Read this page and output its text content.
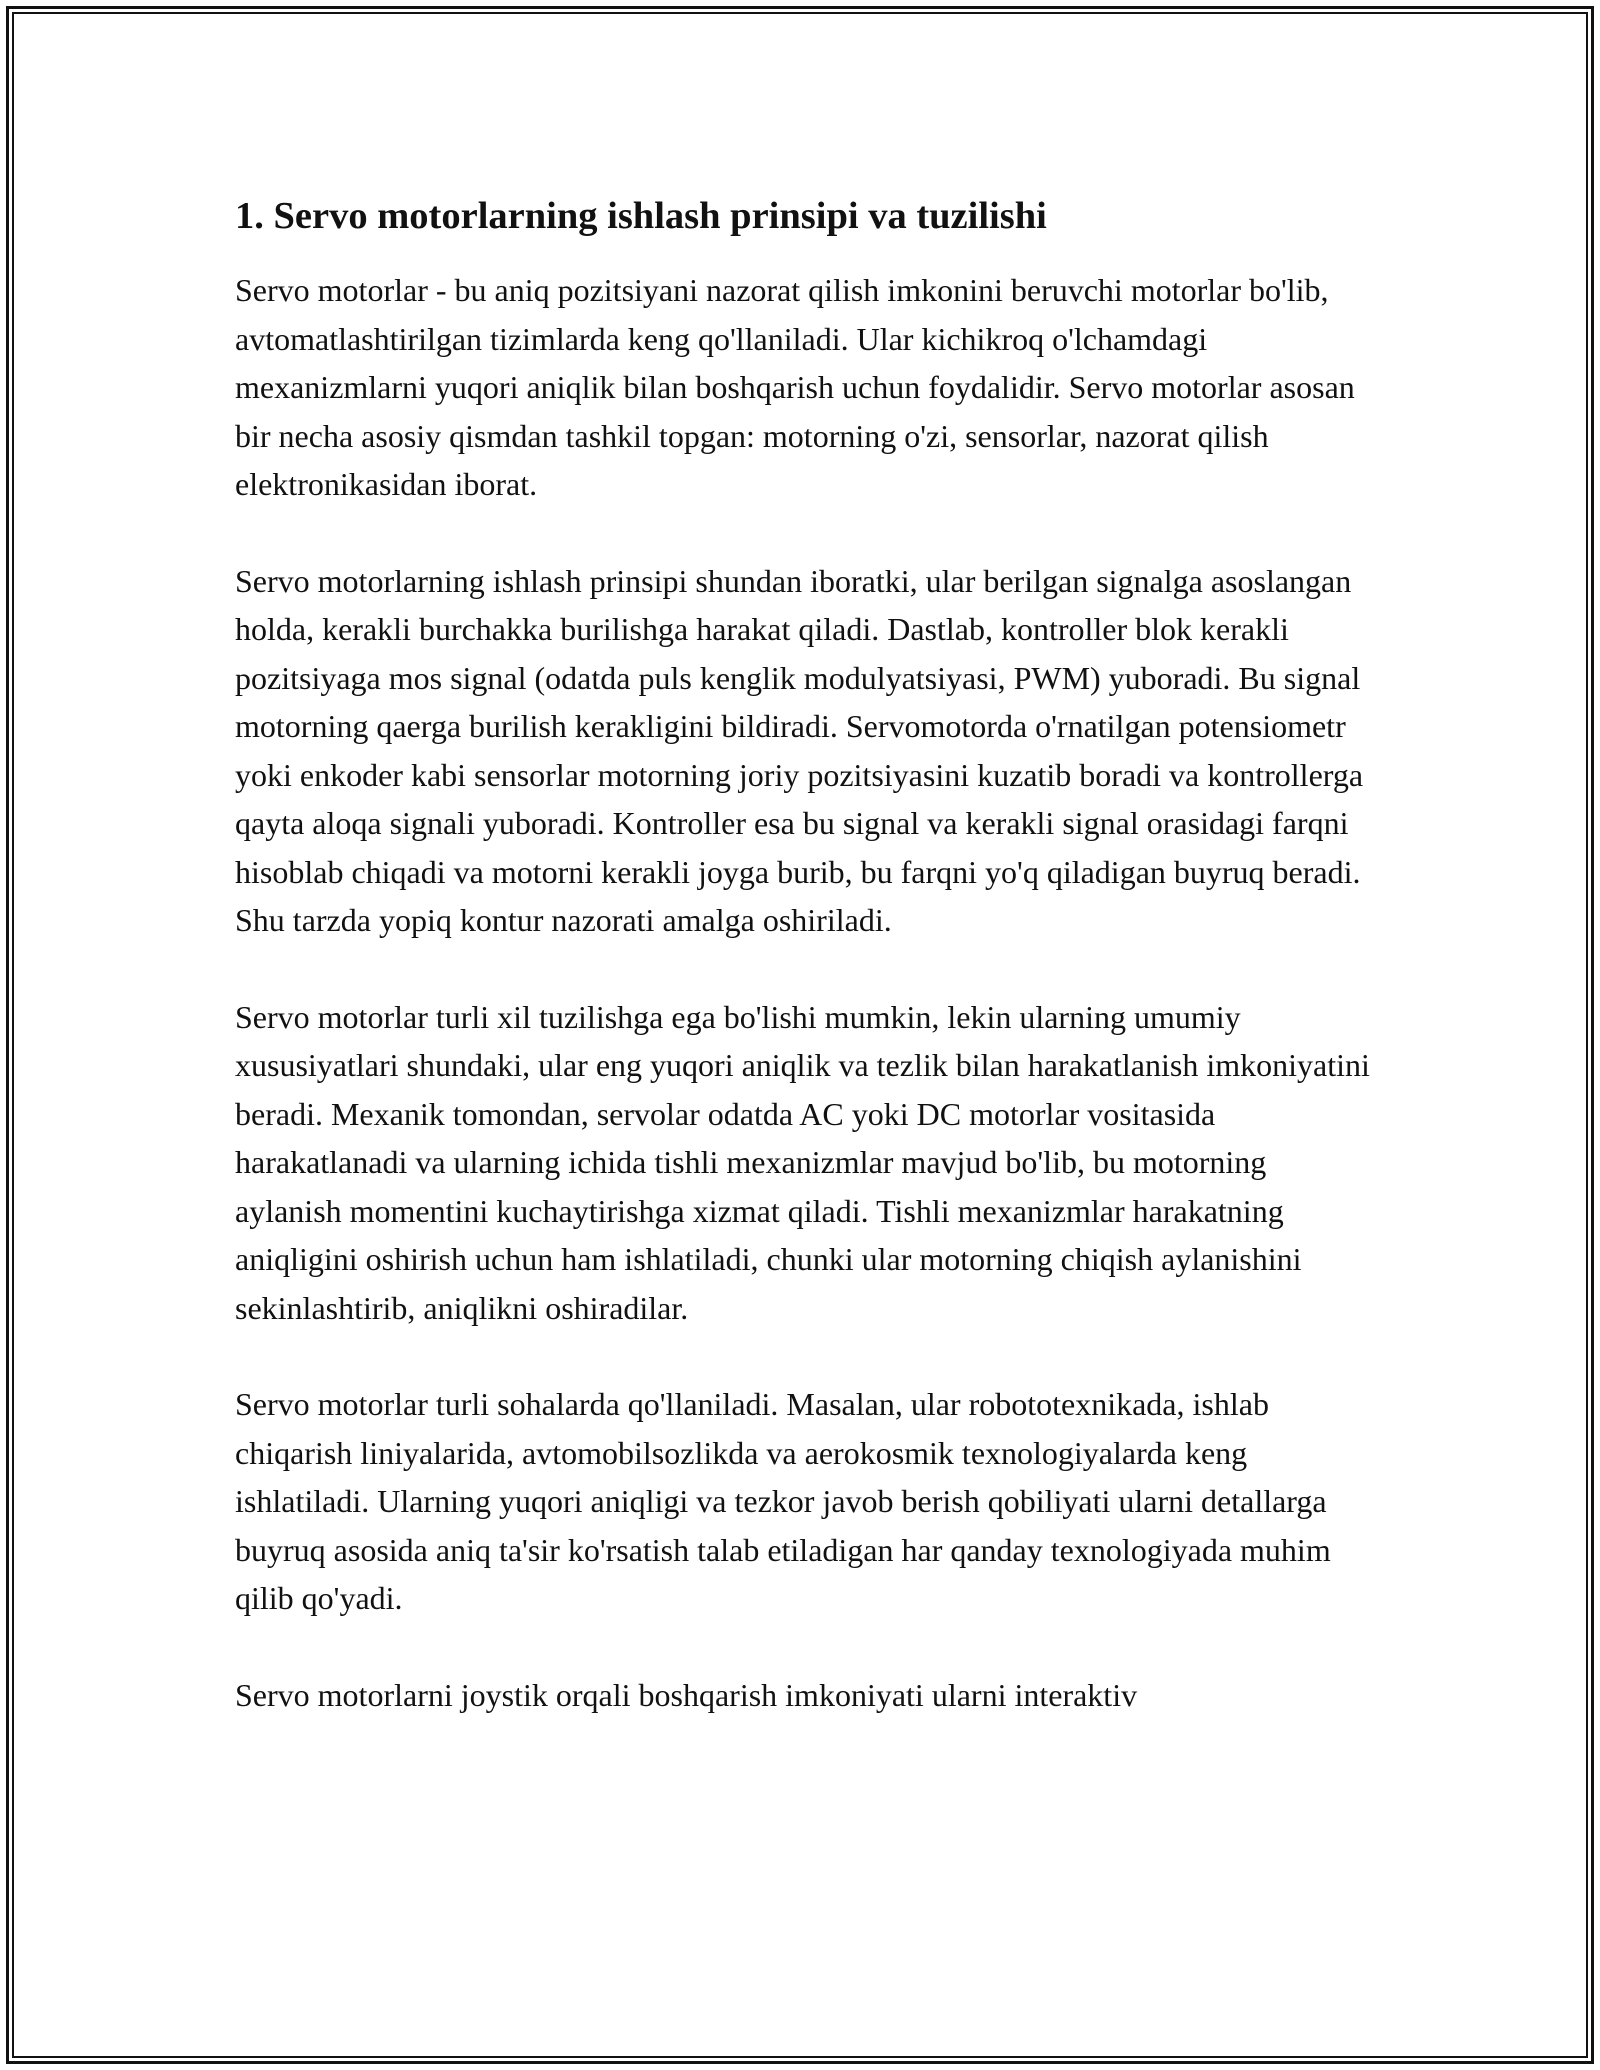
1. Servo motorlarning ishlash prinsipi va tuzilishi

Servo motorlar - bu aniq pozitsiyani nazorat qilish imkonini beruvchi motorlar bo'lib, avtomatlashtirilgan tizimlarda keng qo'llaniladi. Ular kichikroq o'lchamdagi mexanizmlarni yuqori aniqlik bilan boshqarish uchun foydalidir. Servo motorlar asosan bir necha asosiy qismdan tashkil topgan: motorning o'zi, sensorlar, nazorat qilish elektronikasidan iborat.

Servo motorlarning ishlash prinsipi shundan iboratki, ular berilgan signalga asoslangan holda, kerakli burchakka burilishga harakat qiladi. Dastlab, kontroller blok kerakli pozitsiyaga mos signal (odatda puls kenglik modulyatsiyasi, PWM) yuboradi. Bu signal motorning qaerga burilish kerakligini bildiradi. Servomotorda o'rnatilgan potensiometr yoki enkoder kabi sensorlar motorning joriy pozitsiyasini kuzatib boradi va kontrollerga qayta aloqa signali yuboradi. Kontroller esa bu signal va kerakli signal orasidagi farqni hisoblab chiqadi va motorni kerakli joyga burib, bu farqni yo'q qiladigan buyruq beradi. Shu tarzda yopiq kontur nazorati amalga oshiriladi.

Servo motorlar turli xil tuzilishga ega bo'lishi mumkin, lekin ularning umumiy xususiyatlari shundaki, ular eng yuqori aniqlik va tezlik bilan harakatlanish imkoniyatini beradi. Mexanik tomondan, servolar odatda AC yoki DC motorlar vositasida harakatlanadi va ularning ichida tishli mexanizmlar mavjud bo'lib, bu motorning aylanish momentini kuchaytirishga xizmat qiladi. Tishli mexanizmlar harakatning aniqligini oshirish uchun ham ishlatiladi, chunki ular motorning chiqish aylanishini sekinlashtirib, aniqlikni oshiradilar.

Servo motorlar turli sohalarda qo'llaniladi. Masalan, ular robototexnikada, ishlab chiqarish liniyalarida, avtomobilsozlikda va aerokosmik texnologiyalarda keng ishlatiladi. Ularning yuqori aniqligi va tezkor javob berish qobiliyati ularni detallarga buyruq asosida aniq ta'sir ko'rsatish talab etiladigan har qanday texnologiyada muhim qilib qo'yadi.

Servo motorlarni joystik orqali boshqarish imkoniyati ularni interaktiv
